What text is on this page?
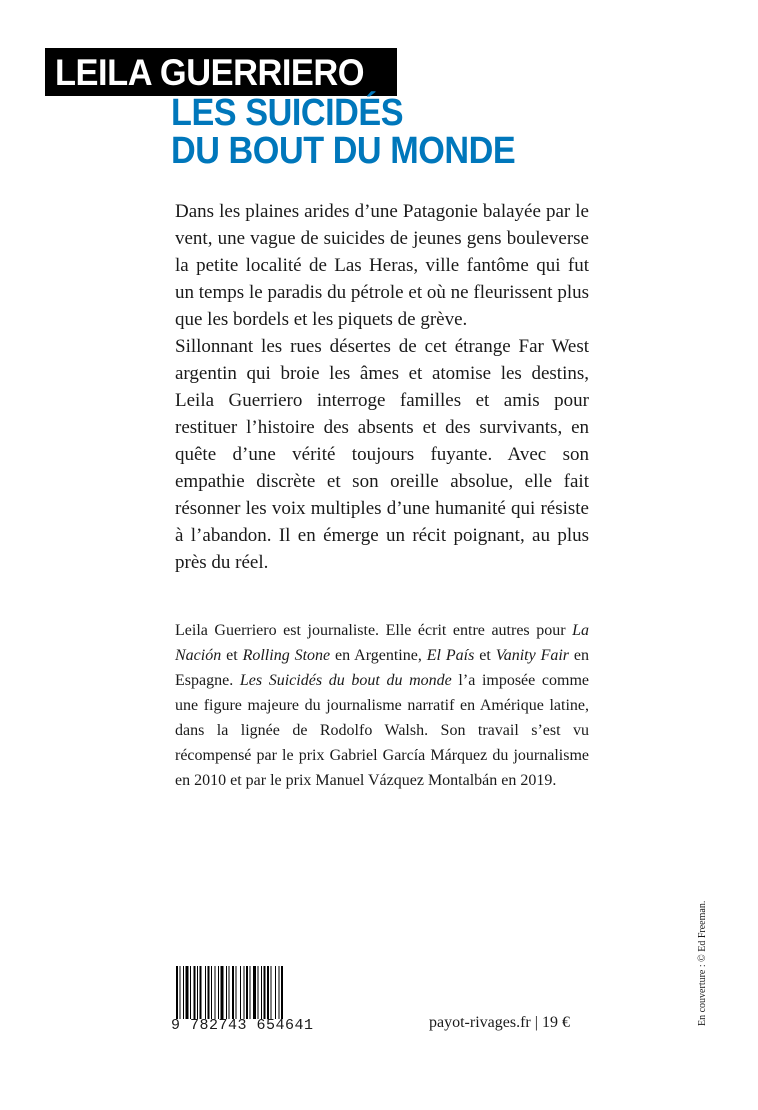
LEILA GUERRIERO
LES SUICIDÉS
DU BOUT DU MONDE

Dans les plaines arides d’une Patagonie balayée par le vent, une vague de suicides de jeunes gens bouleverse la petite localité de Las Heras, ville fantôme qui fut un temps le paradis du pétrole et où ne fleurissent plus que les bordels et les piquets de grève.

Sillonnant les rues désertes de cet étrange Far West argentin qui broie les âmes et atomise les destins, Leila Guerriero interroge familles et amis pour restituer l’histoire des absents et des survivants, en quête d’une vérité toujours fuyante. Avec son empathie discrète et son oreille absolue, elle fait résonner les voix multiples d’une humanité qui résiste à l’abandon. Il en émerge un récit poignant, au plus près du réel.

Leila Guerriero est journaliste. Elle écrit entre autres pour La Nación et Rolling Stone en Argentine, El País et Vanity Fair en Espagne. Les Suicidés du bout du monde l’a imposée comme une figure majeure du journalisme narratif en Amérique latine, dans la lignée de Rodolfo Walsh. Son travail s’est vu récompensé par le prix Gabriel García Márquez du journalisme en 2010 et par le prix Manuel Vázquez Montalbán en 2019.

En couverture : © Ed Freeman.
9 782743 654641	payot-rivages.fr | 19 €
